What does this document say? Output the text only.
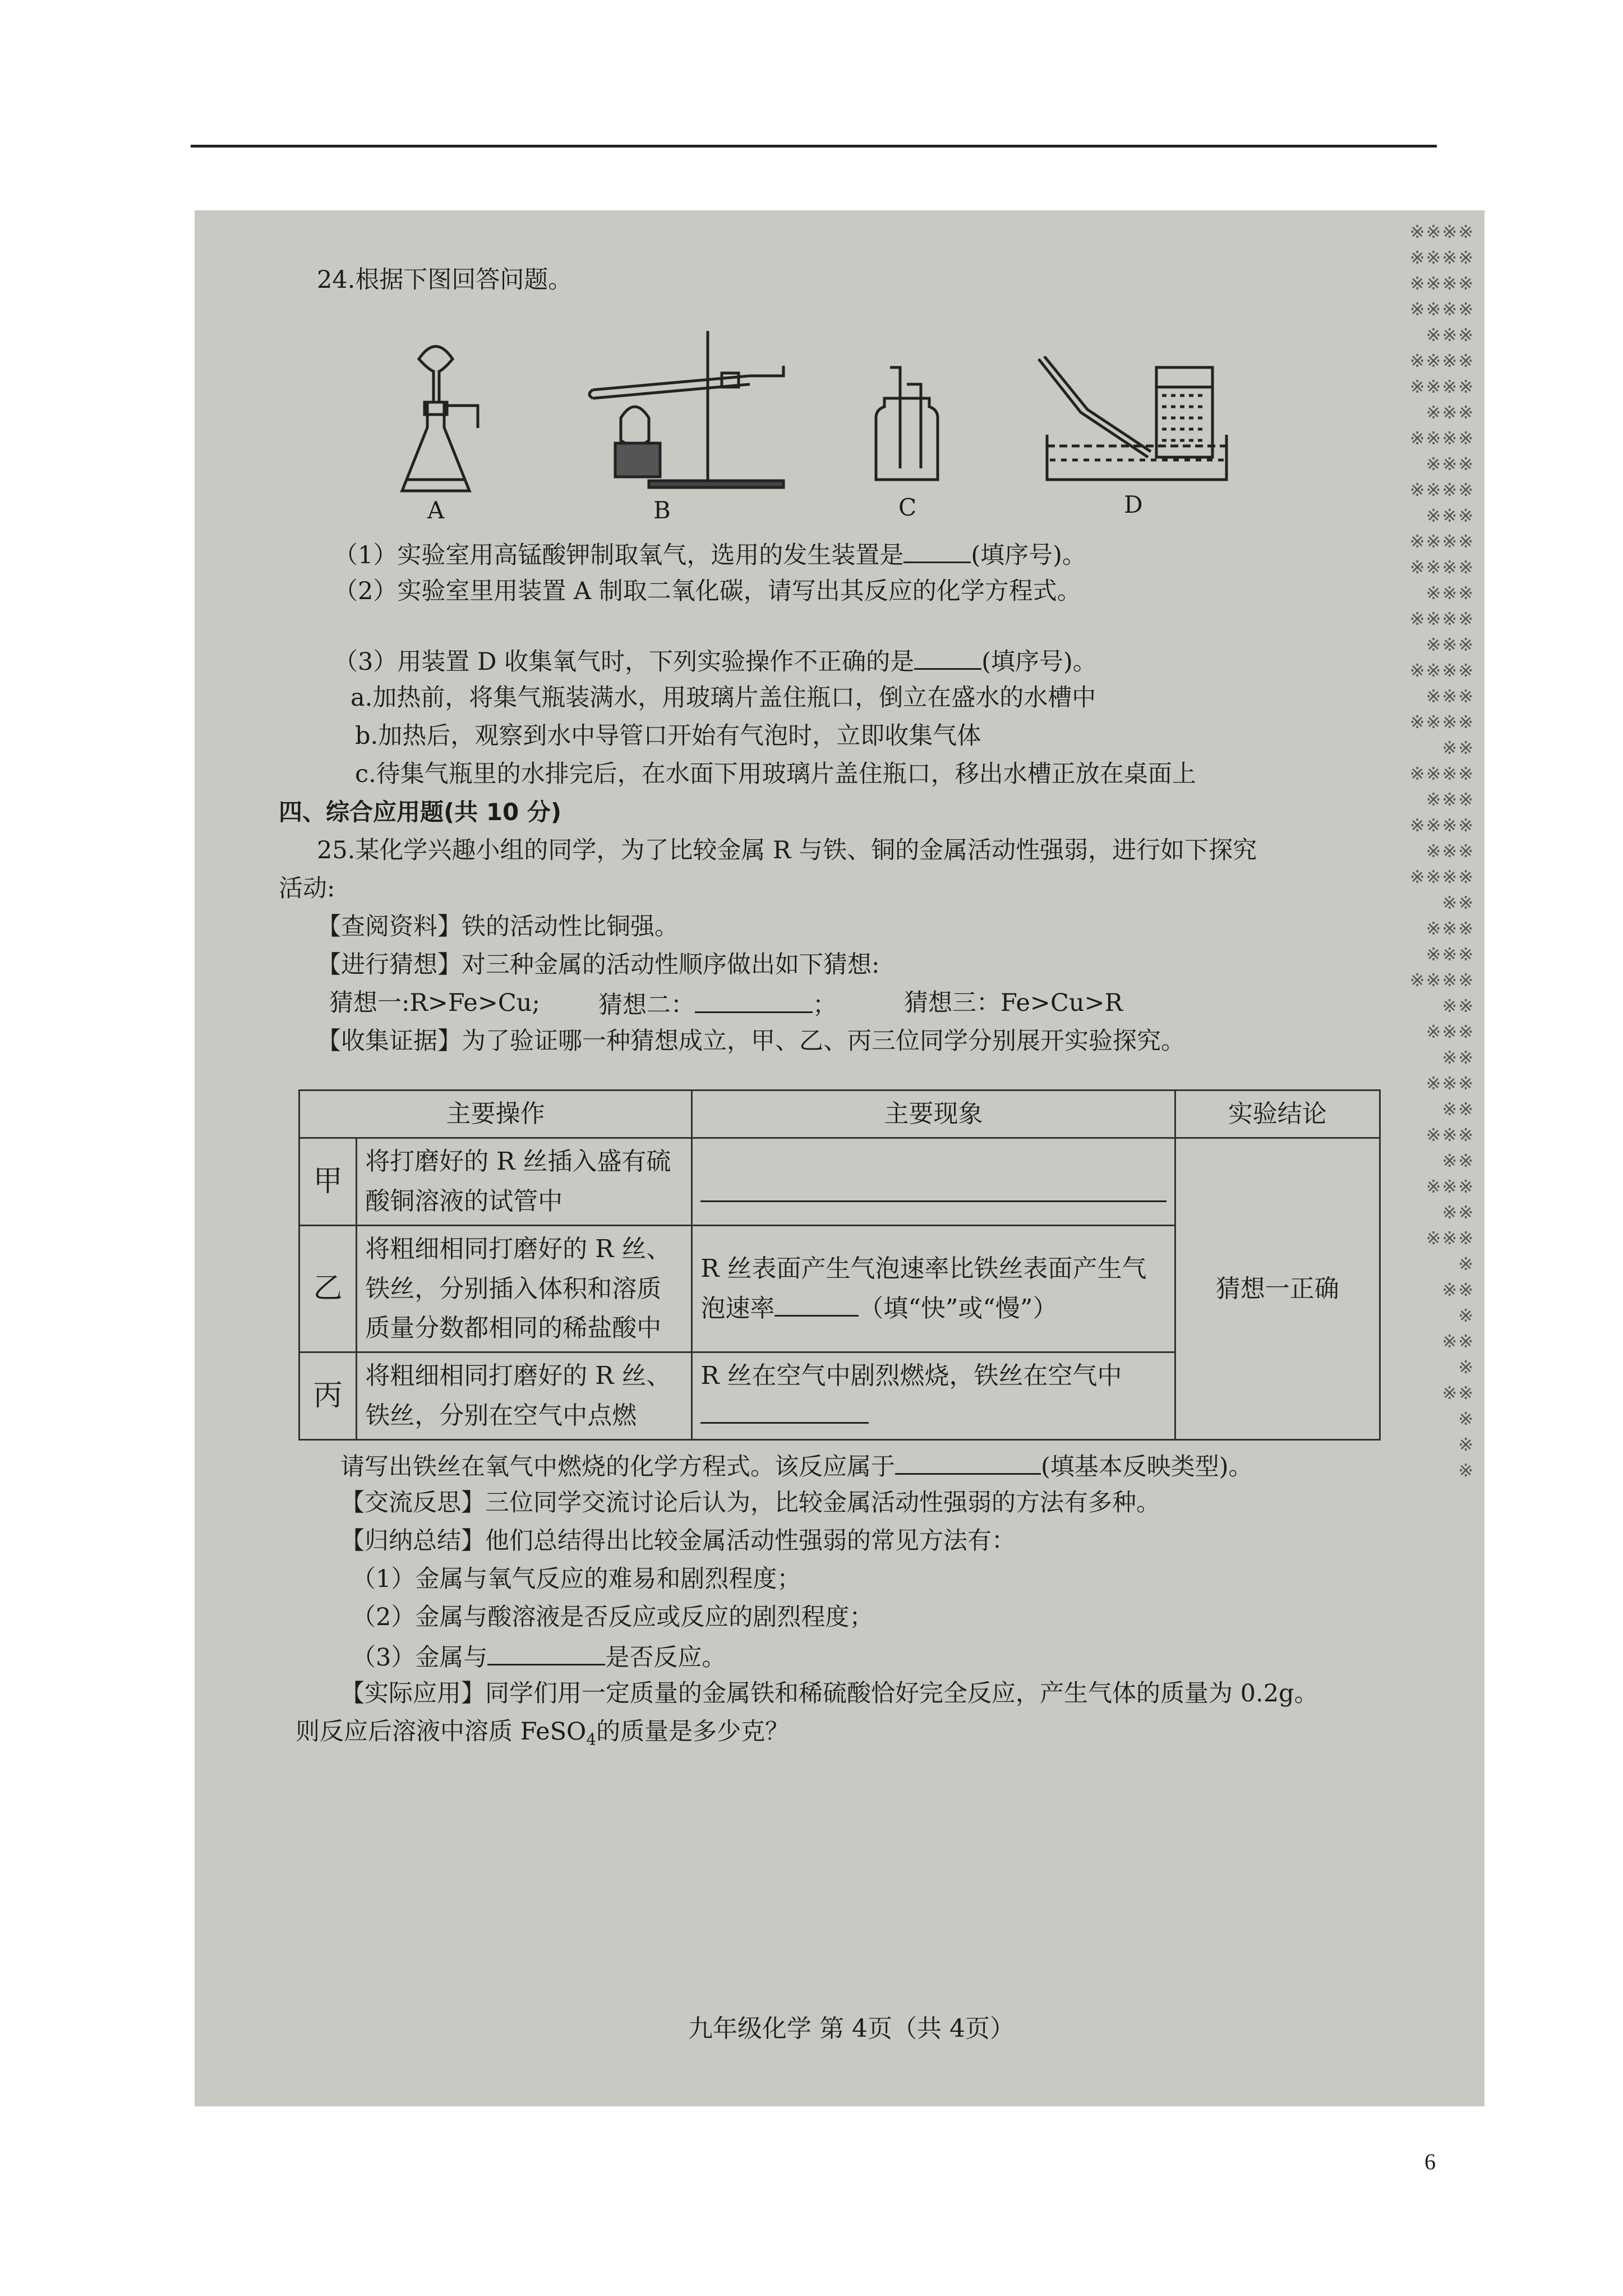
※※※※
※※※※
※※※※
※※※※
※※※
※※※※
※※※※
※※※
※※※※
※※※
※※※※
※※※
※※※※
※※※※
※※※
※※※※
※※※
※※※※
※※※
※※※※
※※
※※※※
※※※
※※※※
※※※
※※※※
※※
※※※
※※※
※※※※
※※
※※※
※※
※※※
※※
※※※
※※
※※※
※※
※※※
※
※※
※
※※
※
※※
※
※
※
24.根据下图回答问题。
A	B	C	D
（1）实验室用高锰酸钾制取氧气，选用的发生装置是	(填序号)。
（2）实验室里用装置 A 制取二氧化碳，请写出其反应的化学方程式。
（3）用装置 D 收集氧气时，下列实验操作不正确的是	(填序号)。
a.加热前，将集气瓶装满水，用玻璃片盖住瓶口，倒立在盛水的水槽中
b.加热后，观察到水中导管口开始有气泡时，立即收集气体
c.待集气瓶里的水排完后，在水面下用玻璃片盖住瓶口，移出水槽正放在桌面上
四、综合应用题(共 10 分)
25.某化学兴趣小组的同学，为了比较金属 R 与铁、铜的金属活动性强弱，进行如下探究
活动:
【查阅资料】铁的活动性比铜强。
【进行猜想】对三种金属的活动性顺序做出如下猜想:
猜想一:R>Fe>Cu; 猜想二：	；	猜想三：Fe>Cu>R
【收集证据】为了验证哪一种猜想成立，甲、乙、丙三位同学分别展开实验探究。
主要操作		主要现象	实验结论
甲	将打磨好的 R 丝插入盛有硫酸铜溶液的试管中		猜想一正确
乙	将粗细相同打磨好的 R 丝、铁丝，分别插入体积和溶质质量分数都相同的稀盐酸中	R 丝表面产生气泡速率比铁丝表面产生气泡速率 （填“快”或“慢”）	
丙	将粗细相同打磨好的 R 丝、铁丝，分别在空气中点燃	R 丝在空气中剧烈燃烧，铁丝在空气中	

请写出铁丝在氧气中燃烧的化学方程式。该反应属于	(填基本反映类型)。
【交流反思】三位同学交流讨论后认为，比较金属活动性强弱的方法有多种。
【归纳总结】他们总结得出比较金属活动性强弱的常见方法有：
（1）金属与氧气反应的难易和剧烈程度；
（2）金属与酸溶液是否反应或反应的剧烈程度；
（3）金属与	是否反应。
【实际应用】同学们用一定质量的金属铁和稀硫酸恰好完全反应，产生气体的质量为 0.2g。
则反应后溶液中溶质 FeSO$_4$的质量是多少克？
九年级化学 第 4页（共 4页）
6
